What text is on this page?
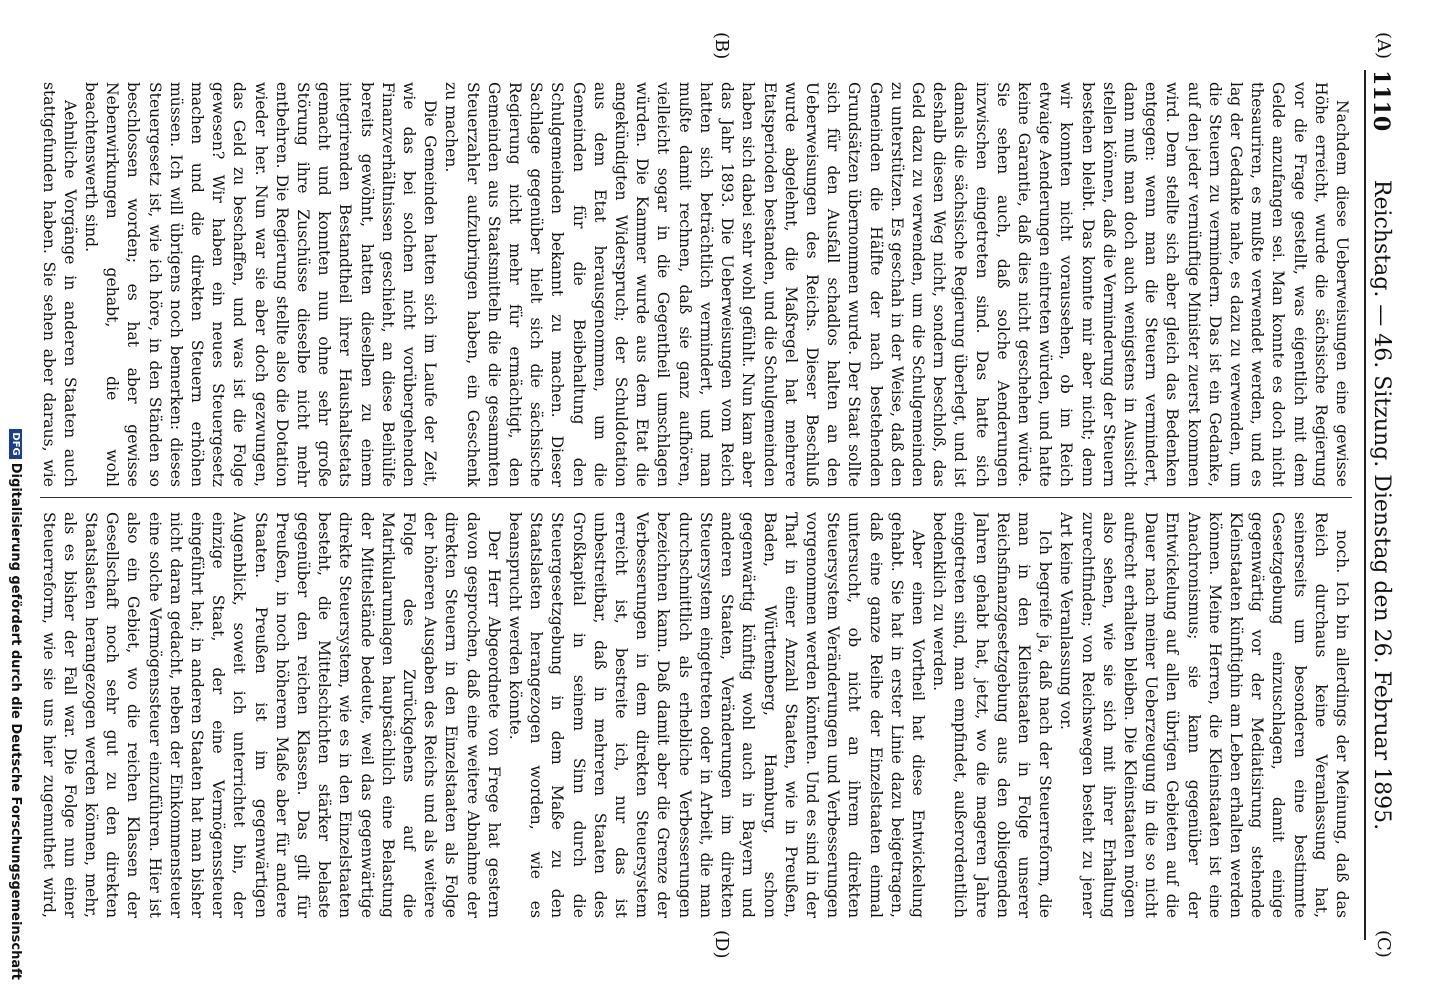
1110
Reichstag. — 46. Sitzung. Dienstag den 26. Februar 1895.
(A)
(B)
(C)
(D)

Nachdem diese Ueberweisungen eine gewisse Höhe erreicht, wurde die sächsische Regierung vor die Frage gestellt, was eigentlich mit dem Gelde anzufangen sei. Man konnte es doch nicht thesauriren, es mußte verwendet werden, und es lag der Gedanke nahe, es dazu zu verwenden, um die Steuern zu vermindern. Das ist ein Gedanke, auf den jeder vernünftige Minister zuerst kommen wird. Dem stellte sich aber gleich das Bedenken entgegen: wenn man die Steuern vermindert, dann muß man doch auch wenigstens in Aussicht stellen können, daß die Verminderung der Steuern bestehen bleibt. Das konnte mir aber nicht; denn wir konnten nicht voraussehen, ob im Reich etwaige Aenderungen eintreten würden, und hatte keine Garantie, daß dies nicht geschehen würde. Sie sehen auch, daß solche Aenderungen inzwischen eingetreten sind. Das hatte sich damals die sächsische Regierung überlegt, und ist deshalb diesen Weg nicht, sondern beschloß, das Geld dazu zu verwenden, um die Schulgemeinden zu unterstützen. Es geschah in der Weise, daß den Gemeinden die Hälfte der nach bestehenden Grundsätzen übernommen wurde. Der Staat sollte sich für den Ausfall schadlos halten an den Ueberweisungen des Reichs. Dieser Beschluß wurde abgelehnt, die Maßregel hat mehrere Etatsperioden bestanden, und die Schulgemeinden haben sich dabei sehr wohl gefühlt. Nun kam aber das Jahr 1893. Die Ueberweisungen vom Reich hatten sich beträchtlich vermindert, und man mußte damit rechnen, daß sie ganz aufhören, vielleicht sogar in die Gegentheil umschlagen würden. Die Kammer wurde aus dem Etat die angekündigten Widerspruch; der Schuldotation aus dem Etat herausgenommen, um die Gemeinden für die Beibehaltung den Schulgemeinden bekannt zu machen. Dieser Sachlage gegenüber hielt sich die sächsische Regierung nicht mehr für ermächtigt, den Gemeinden aus Staatsmitteln die die gesammten Steuerzahler aufzubringen haben, ein Geschenk zu machen.

Die Gemeinden hatten sich im Laufe der Zeit, wie das bei solchen nicht vorübergehenden Finanzverhältnissen geschieht, an diese Beihülfe bereits gewöhnt, hatten dieselben zu einem integrirenden Bestandtheil ihrer Haushaltsetats gemacht und konnten nun ohne sehr große Störung ihre Zuschüsse dieselbe nicht mehr entbehren. Die Regierung stellte also die Dotation wieder her. Nun war sie aber doch gezwungen, das Geld zu beschaffen, und was ist die Folge gewesen? Wir haben ein neues Steuergesetz machen und die direkten Steuern erhöhen müssen. Ich will übrigens noch bemerken: dieses Steuergesetz ist, wie ich höre, in den Ständen so beschlossen worden; es hat aber gewisse Nebenwirkungen gehabt, die wohl beachtenswerth sind.

Aehnliche Vorgänge in anderen Staaten auch stattgefunden haben. Sie sehen aber daraus, wie

noch. Ich bin allerdings der Meinung, daß das Reich durchaus keine Veranlassung hat, seinerseits um besonderen eine bestimmte Gesetzgebung einzuschlagen, damit einige gegenwärtig vor der Mediatisirung stehende Kleinstaaten künftighin am Leben erhalten werden können. Meine Herren, die Kleinstaaten ist eine Anachronismus; sie kann gegenüber der Entwickelung auf allen übrigen Gebieten auf die Dauer nach meiner Ueberzeugung in die so nicht aufrecht erhalten bleiben. Die Kleinstaaten mögen also sehen, wie sie sich mit ihrer Erhaltung zurechtfinden; von Reichswegen besteht zu jener Art keine Veranlassung vor.

Ich begreife ja, daß nach der Steuerreform, die man in den Kleinstaaten in Folge unserer Reichsfinanzgesetzgebung aus den obliegenden Jahren gehabt hat, jetzt, wo die mageren Jahre eingetreten sind, man empfindet, außerordentlich bedenklich zu werden.

Aber einen Vortheil hat diese Entwickelung gehabt. Sie hat in erster Linie dazu beigetragen, daß eine ganze Reihe der Einzelstaaten einmal untersucht, ob nicht an ihrem direkten Steuersystem Veränderungen und Verbesserungen vorgenommen werden könnten. Und es sind in der That in einer Anzahl Staaten, wie in Preußen, Baden, Württemberg, Hamburg, schon gegenwärtig künftig wohl auch in Bayern und anderen Staaten, Veränderungen im direkten Steuersystem eingetreten oder in Arbeit, die man durchschnittlich als erhebliche Verbesserungen bezeichnen kann. Daß damit aber die Grenze der Verbesserungen in dem direkten Steuersystem erreicht ist, bestreite ich, nur das ist unbestreitbar, daß in mehreren Staaten des Großkapital in seinem Sinn durch die Steuergesetzgebung in dem Maße zu den Staatslasten herangezogen worden, wie es beansprucht werden könnte.

Der Herr Abgeordnete von Frege hat gestern davon gesprochen, daß eine weitere Abnahme der direkten Steuern in den Einzelstaaten als Folge der höheren Ausgaben des Reichs und als weitere Folge des Zurückgehens auf die Matrikularumlagen hauptsächlich eine Belastung der Mittelstände bedeute, weil das gegenwärtige direkte Steuersystem, wie es in den Einzelstaaten besteht, die Mittelschichten stärker belaste gegenüber den reichen Klassen. Das gilt für Preußen, in noch höherem Maße aber für andere Staaten. Preußen ist im gegenwärtigen Augenblick, soweit ich unterrichtet bin, der einzige Staat, der eine Vermögenssteuer eingeführt hat; in anderen Staaten hat man bisher nicht daran gedacht, neben der Einkommensteuer eine solche Vermögenssteuer einzuführen. Hier ist also ein Gebiet, wo die reichen Klassen der Gesellschaft noch sehr gut zu den direkten Staatslasten herangezogen werden können, mehr, als es bisher der Fall war. Die Folge nun einer Steuerreform, wie sie uns hier zugemuthet wird,

DFG
Digitalisierung gefördert durch die Deutsche Forschungsgemeinschaft
